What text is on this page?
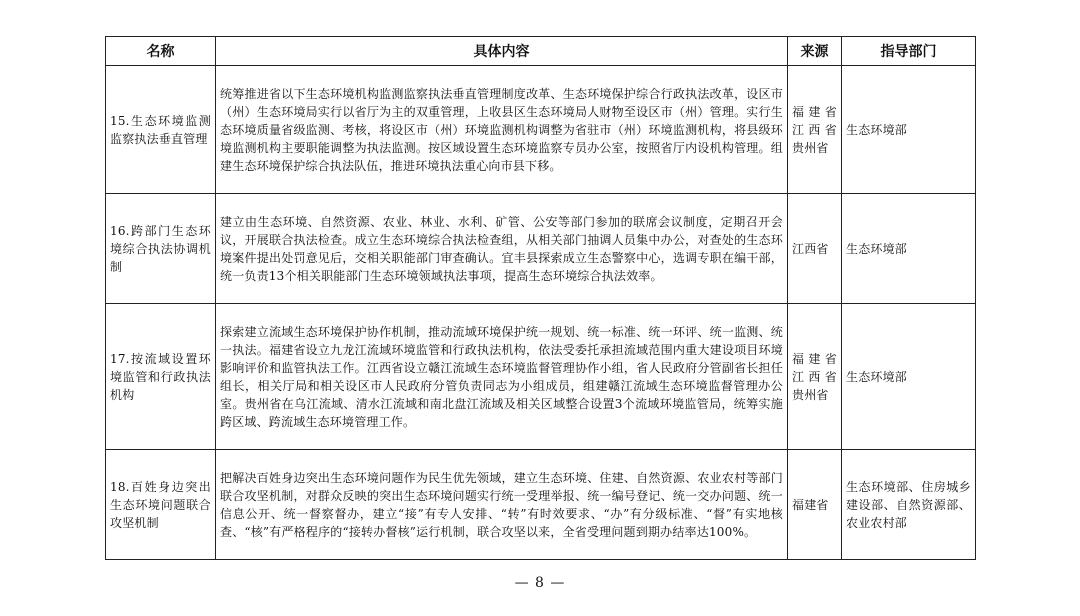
名称	具体内容	来源	指导部门
15.生态环境监测监察执法垂直管理	统筹推进省以下生态环境机构监测监察执法垂直管理制度改革、生态环境保护综合行政执法改革，设区市（州）生态环境局实行以省厅为主的双重管理，上收县区生态环境局人财物至设区市（州）管理。实行生态环境质量省级监测、考核，将设区市（州）环境监测机构调整为省驻市（州）环境监测机构，将县级环境监测机构主要职能调整为执法监测。按区域设置生态环境监察专员办公室，按照省厅内设机构管理。组建生态环境保护综合执法队伍，推进环境执法重心向市县下移。	福建省江西省贵州省	生态环境部
16.跨部门生态环境综合执法协调机制	建立由生态环境、自然资源、农业、林业、水利、矿管、公安等部门参加的联席会议制度，定期召开会议，开展联合执法检查。成立生态环境综合执法检查组，从相关部门抽调人员集中办公，对查处的生态环境案件提出处罚意见后，交相关职能部门审查确认。宜丰县探索成立生态警察中心，选调专职在编干部，统一负责13个相关职能部门生态环境领域执法事项，提高生态环境综合执法效率。	江西省	生态环境部
17.按流域设置环境监管和行政执法机构	探索建立流域生态环境保护协作机制，推动流域环境保护统一规划、统一标准、统一环评、统一监测、统一执法。福建省设立九龙江流域环境监管和行政执法机构，依法受委托承担流域范围内重大建设项目环境影响评价和监管执法工作。江西省设立赣江流域生态环境监督管理协作小组，省人民政府分管副省长担任组长，相关厅局和相关设区市人民政府分管负责同志为小组成员，组建赣江流域生态环境监督管理办公室。贵州省在乌江流域、清水江流域和南北盘江流域及相关区域整合设置3个流域环境监管局，统筹实施跨区域、跨流域生态环境管理工作。	福建省江西省贵州省	生态环境部
18.百姓身边突出生态环境问题联合攻坚机制	把解决百姓身边突出生态环境问题作为民生优先领域，建立生态环境、住建、自然资源、农业农村等部门联合攻坚机制，对群众反映的突出生态环境问题实行统一受理举报、统一编号登记、统一交办问题、统一信息公开、统一督察督办，建立“接”有专人安排、“转”有时效要求、“办”有分级标准、“督”有实地核查、“核”有严格程序的“接转办督核”运行机制，联合攻坚以来，全省受理问题到期办结率达100%。	福建省	生态环境部、住房城乡建设部、自然资源部、农业农村部
— 8 —
